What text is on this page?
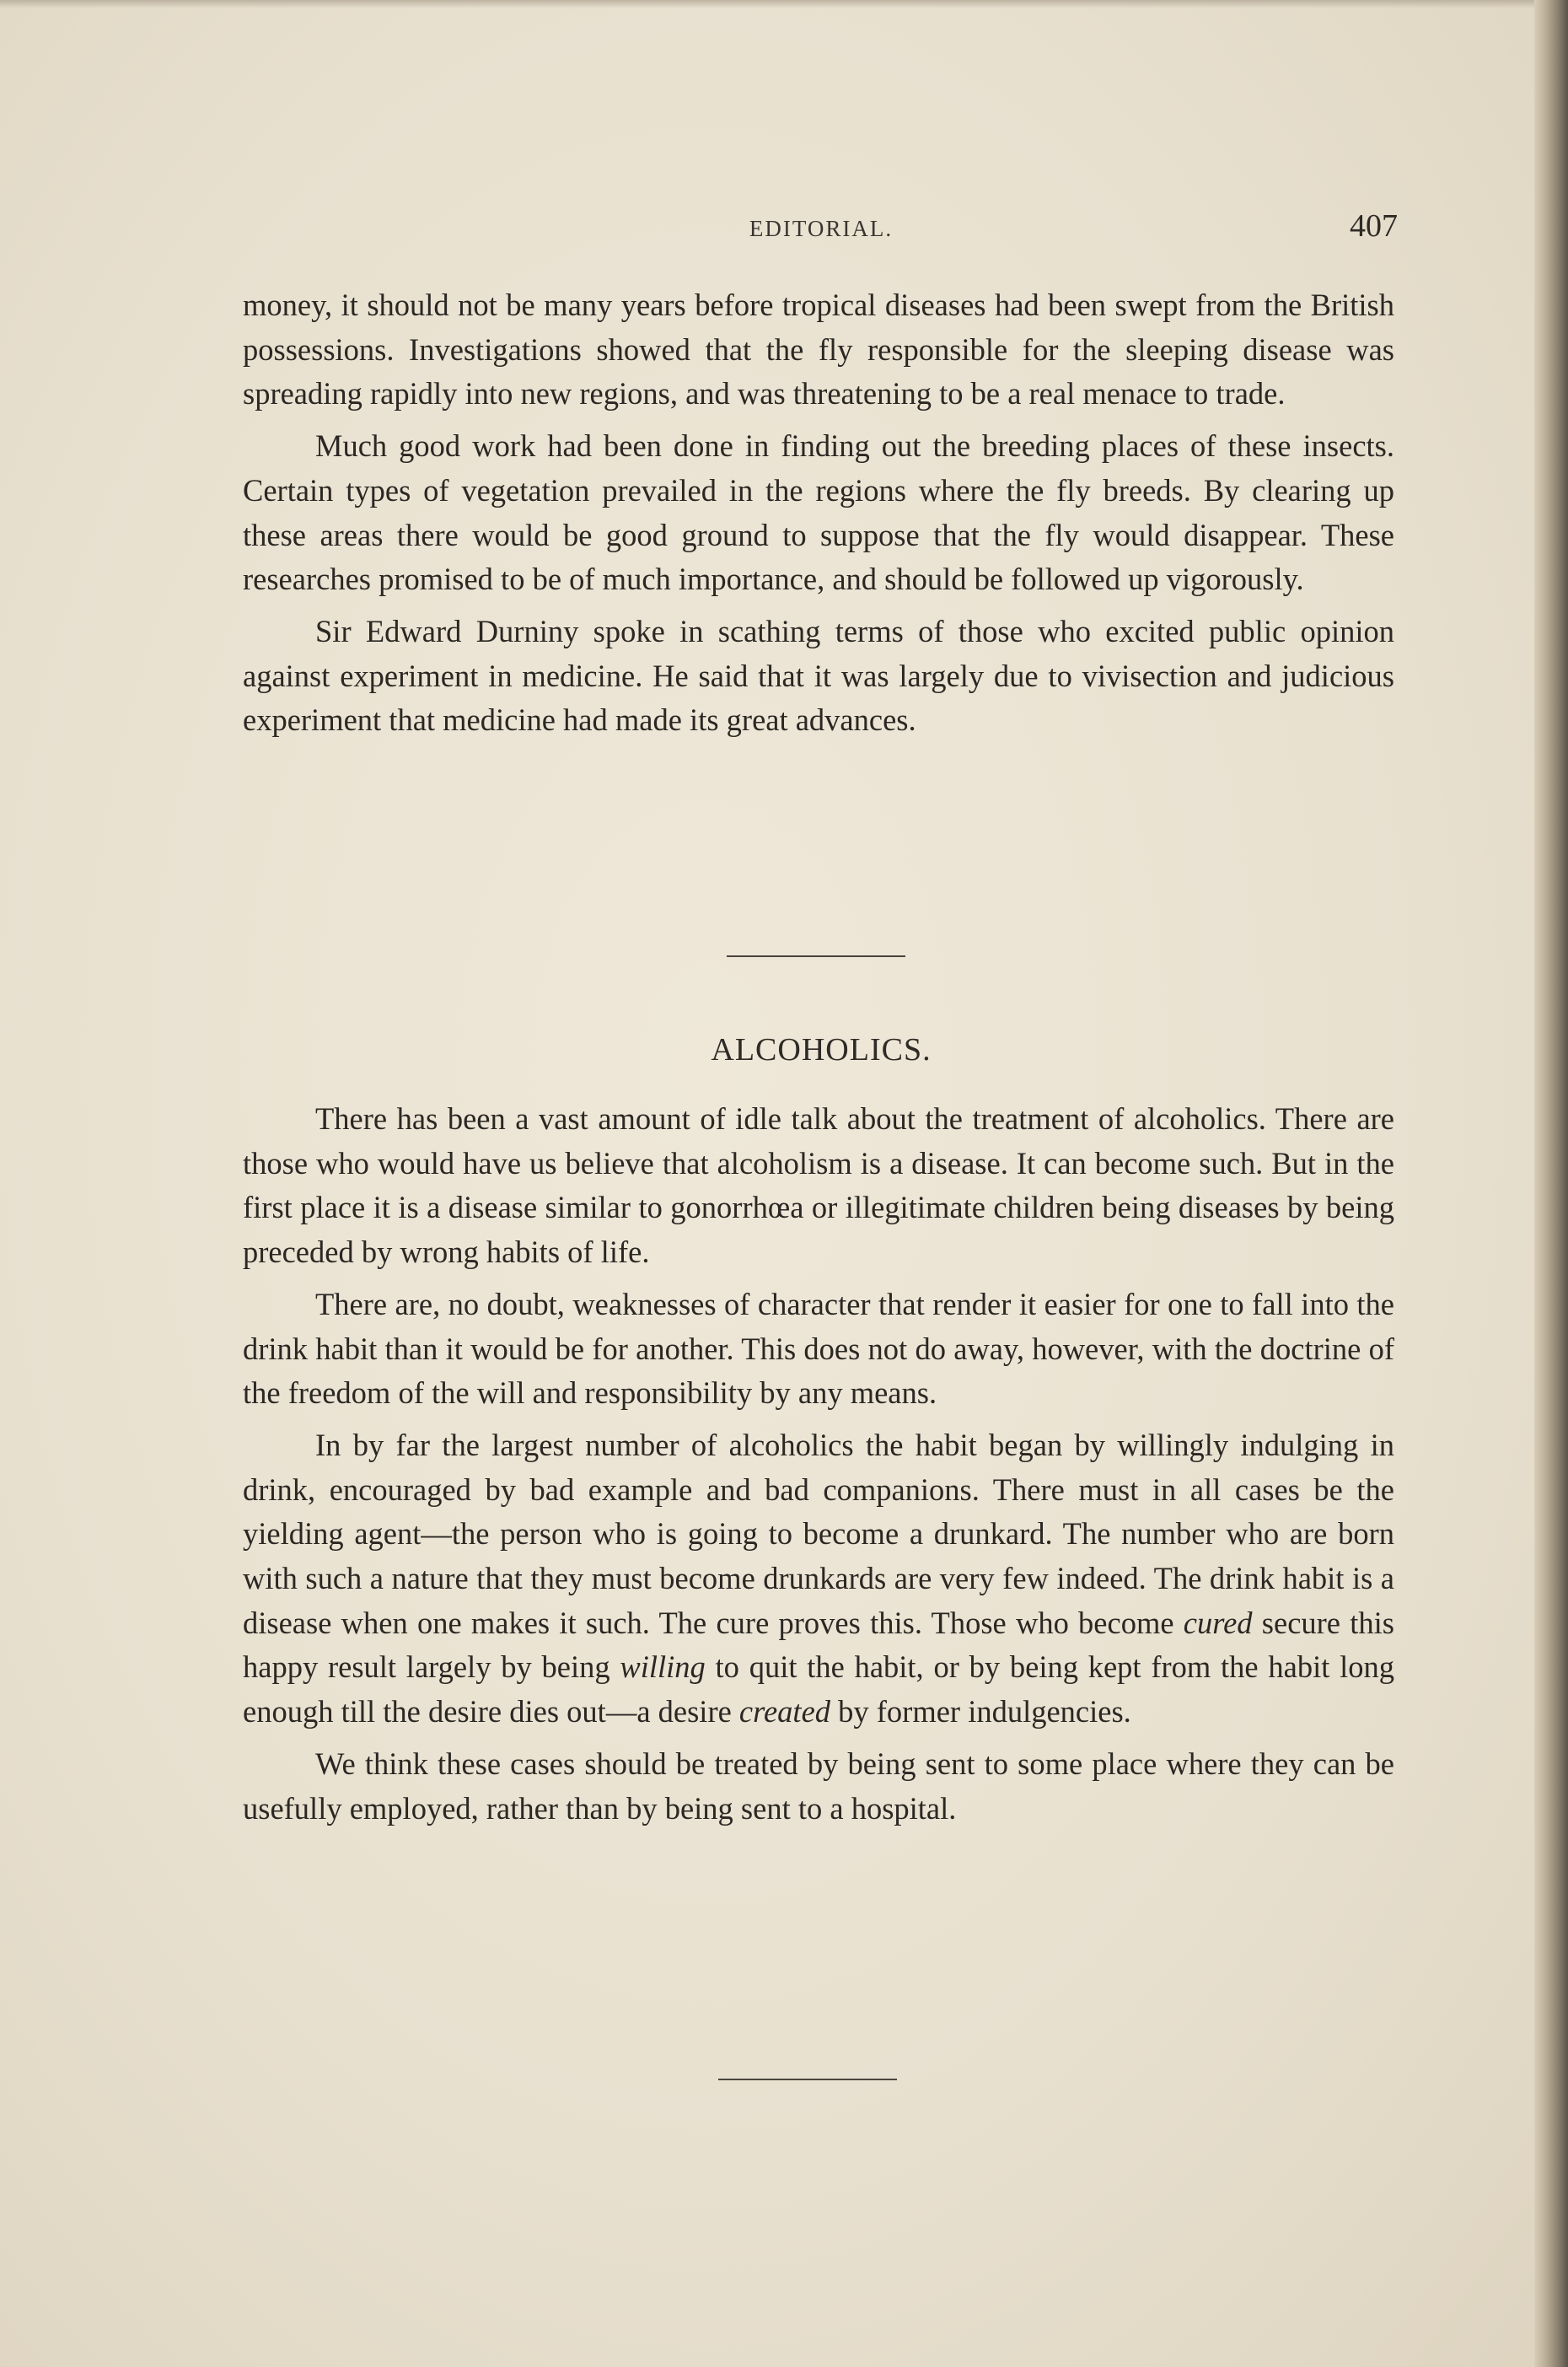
EDITORIAL.	407

money, it should not be many years before tropical diseases had been swept from the British possessions. Investigations showed that the fly responsible for the sleeping disease was spreading rapidly into new regions, and was threatening to be a real menace to trade.

Much good work had been done in finding out the breeding places of these insects. Certain types of vegetation prevailed in the regions where the fly breeds. By clearing up these areas there would be good ground to suppose that the fly would disappear. These researches promised to be of much importance, and should be followed up vigorously.

Sir Edward Durniny spoke in scathing terms of those who excited public opinion against experiment in medicine. He said that it was largely due to vivisection and judicious experiment that medicine had made its great advances.

ALCOHOLICS.

There has been a vast amount of idle talk about the treatment of alcoholics. There are those who would have us believe that alcoholism is a disease. It can become such. But in the first place it is a disease similar to gonorrhœa or illegitimate children being diseases by being preceded by wrong habits of life.

There are, no doubt, weaknesses of character that render it easier for one to fall into the drink habit than it would be for another. This does not do away, however, with the doctrine of the freedom of the will and responsibility by any means.

In by far the largest number of alcoholics the habit began by willingly indulging in drink, encouraged by bad example and bad companions. There must in all cases be the yielding agent—the person who is going to become a drunkard. The number who are born with such a nature that they must become drunkards are very few indeed. The drink habit is a disease when one makes it such. The cure proves this. Those who become cured secure this happy result largely by being willing to quit the habit, or by being kept from the habit long enough till the desire dies out—a desire created by former indulgencies.

We think these cases should be treated by being sent to some place where they can be usefully employed, rather than by being sent to a hospital.
